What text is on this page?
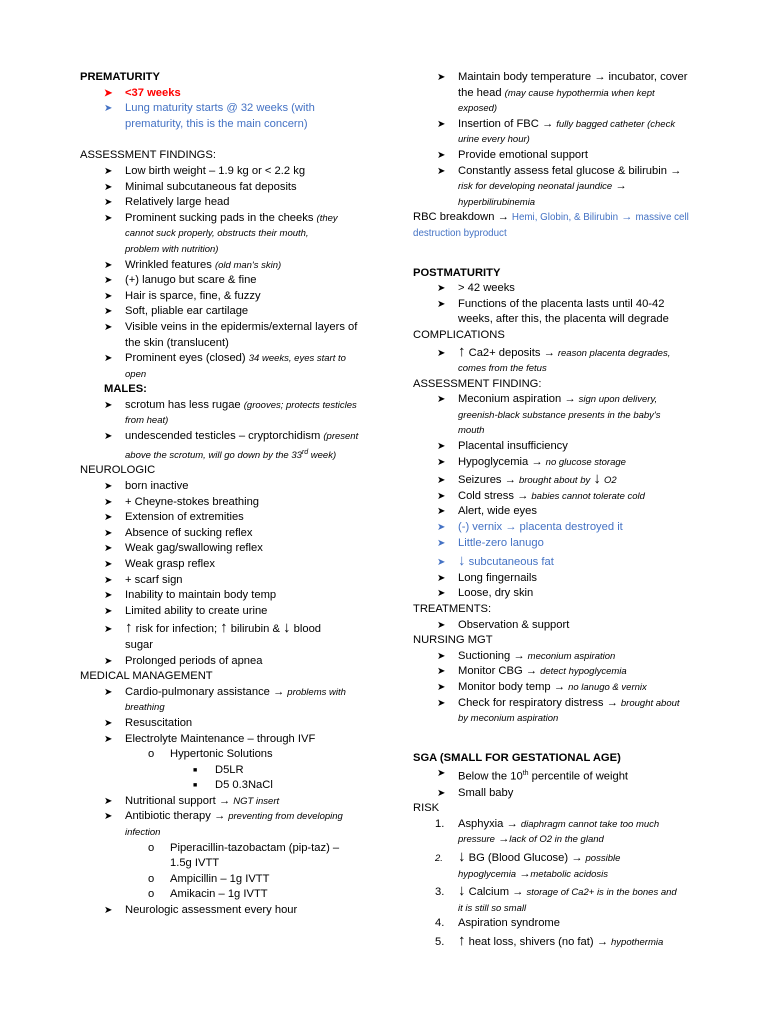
PREMATURITY
➤ <37 weeks
➤ Lung maturity starts @ 32 weeks (with
prematurity, this is the main concern)
ASSESSMENT FINDINGS:
➤ Low birth weight – 1.9 kg or < 2.2 kg
➤ Minimal subcutaneous fat deposits
➤ Relatively large head
➤ Prominent sucking pads in the cheeks (they
cannot suck properly, obstructs their mouth,
problem with nutrition)
➤ Wrinkled features (old man's skin)
➤ (+) lanugo but scare & fine
➤ Hair is sparce, fine, & fuzzy
➤ Soft, pliable ear cartilage
➤ Visible veins in the epidermis/external layers of
the skin (translucent)
➤ Prominent eyes (closed) 34 weeks, eyes start to
open
MALES:
➤ scrotum has less rugae (grooves; protects testicles
from heat)
➤ undescended testicles – cryptorchidism (present
above the scrotum, will go down by the 33rd week)
NEUROLOGIC
➤ born inactive
➤ + Cheyne-stokes breathing
➤ Extension of extremities
➤ Absence of sucking reflex
➤ Weak gag/swallowing reflex
➤ Weak grasp reflex
➤ + scarf sign
➤ Inability to maintain body temp
➤ Limited ability to create urine
➤ ↑ risk for infection; ↑ bilirubin & ↓ blood
sugar
➤ Prolonged periods of apnea
MEDICAL MANAGEMENT
➤ Cardio-pulmonary assistance → problems with
breathing
➤ Resuscitation
➤ Electrolyte Maintenance – through IVF
o Hypertonic Solutions
■ D5LR
■ D5 0.3NaCl
➤ Nutritional support → NGT insert
➤ Antibiotic therapy → preventing from developing
infection
o Piperacillin-tazobactam (pip-taz) –
1.5g IVTT
o Ampicillin – 1g IVTT
o Amikacin – 1g IVTT
➤ Neurologic assessment every hour
➤ Maintain body temperature → incubator, cover
the head (may cause hypothermia when kept
exposed)
➤ Insertion of FBC → fully bagged catheter (check
urine every hour)
➤ Provide emotional support
➤ Constantly assess fetal glucose & bilirubin →
risk for developing neonatal jaundice →
hyperbilirubinemia
RBC breakdown → Hemi, Globin, & Bilirubin → massive cell
destruction byproduct
POSTMATURITY
➤ > 42 weeks
➤ Functions of the placenta lasts until 40-42
weeks, after this, the placenta will degrade
COMPLICATIONS
➤ ↑ Ca2+ deposits → reason placenta degrades,
comes from the fetus
ASSESSMENT FINDING:
➤ Meconium aspiration → sign upon delivery,
greenish-black substance presents in the baby's
mouth
➤ Placental insufficiency
➤ Hypoglycemia → no glucose storage
➤ Seizures → brought about by ↓ O2
➤ Cold stress → babies cannot tolerate cold
➤ Alert, wide eyes
➤ (-) vernix → placenta destroyed it
➤ Little-zero lanugo
➤ ↓ subcutaneous fat
➤ Long fingernails
➤ Loose, dry skin
TREATMENTS:
➤ Observation & support
NURSING MGT
➤ Suctioning → meconium aspiration
➤ Monitor CBG → detect hypoglycemia
➤ Monitor body temp → no lanugo & vernix
➤ Check for respiratory distress → brought about
by meconium aspiration
SGA (SMALL FOR GESTATIONAL AGE)
➤ Below the 10th percentile of weight
➤ Small baby
RISK
1. Asphyxia → diaphragm cannot take too much
pressure →lack of O2 in the gland
2. ↓ BG (Blood Glucose) → possible
hypoglycemia →metabolic acidosis
3. ↓ Calcium → storage of Ca2+ is in the bones and
it is still so small
4. Aspiration syndrome
5. ↑ heat loss, shivers (no fat) → hypothermia
